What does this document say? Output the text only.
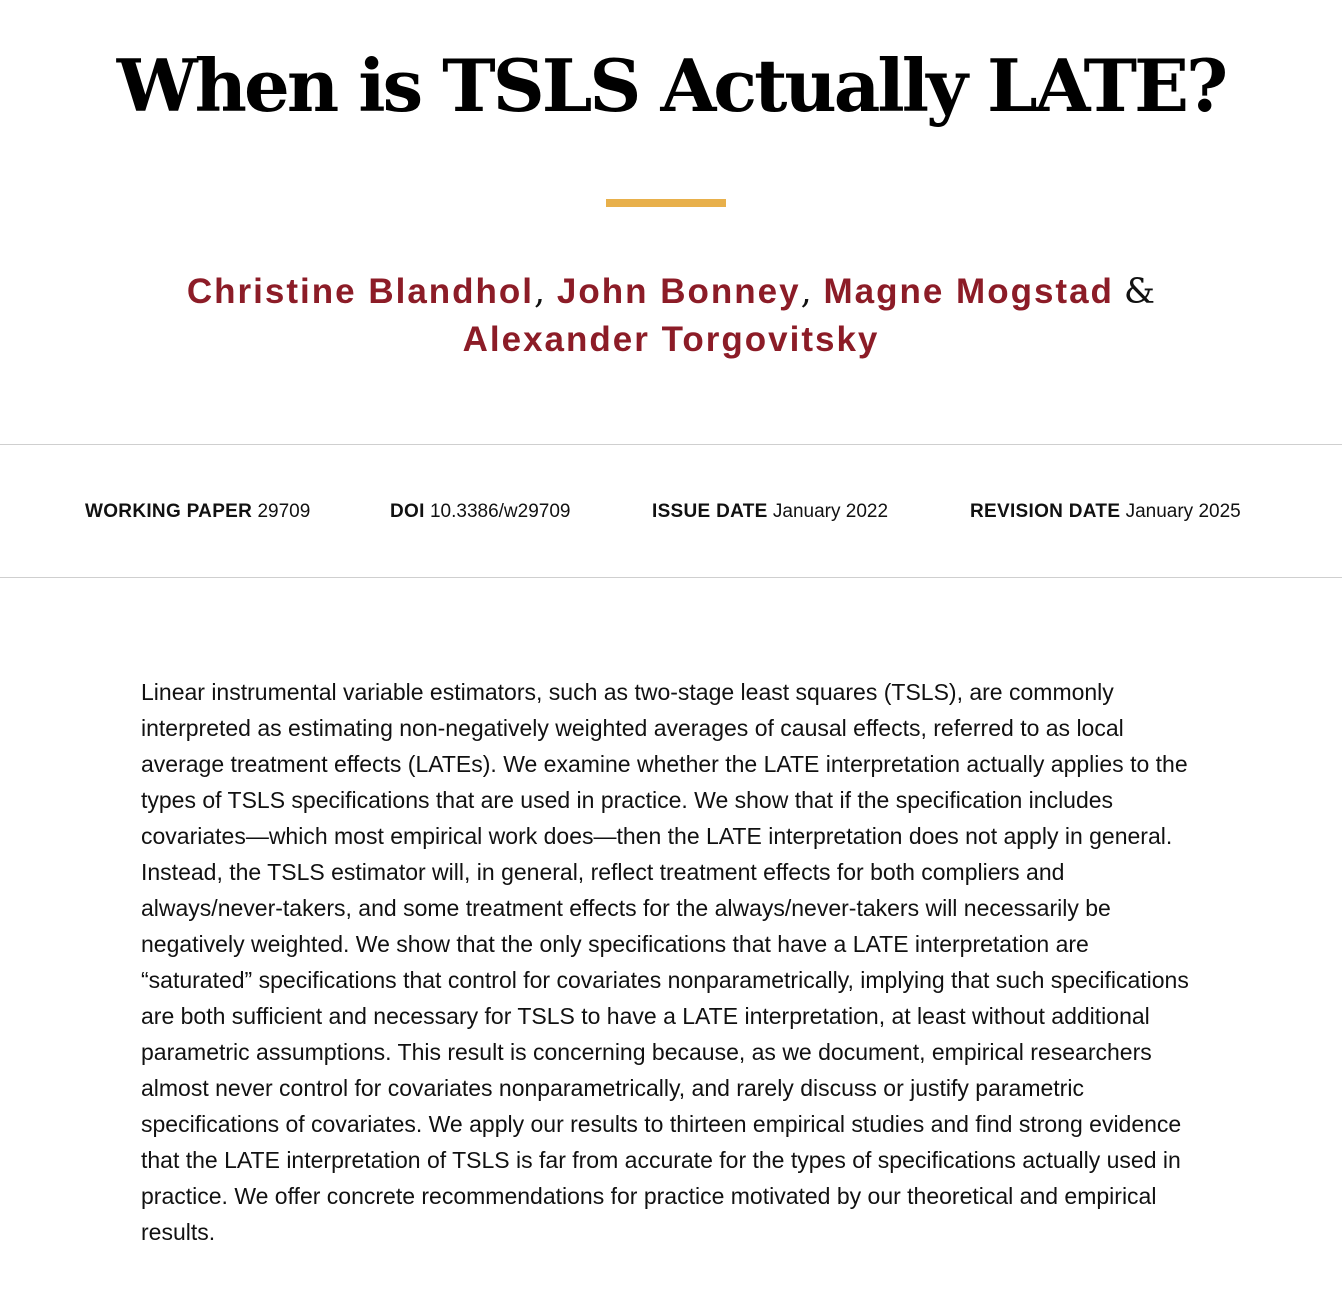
When is TSLS Actually LATE?
Christine Blandhol, John Bonney, Magne Mogstad &
Alexander Torgovitsky
WORKING PAPER 29709	DOI 10.3386/w29709	ISSUE DATE January 2022	REVISION DATE January 2025

Linear instrumental variable estimators, such as two-stage least squares (TSLS), are commonly interpreted as estimating non-negatively weighted averages of causal effects, referred to as local average treatment effects (LATEs). We examine whether the LATE interpretation actually applies to the types of TSLS specifications that are used in practice. We show that if the specification includes covariates—which most empirical work does—then the LATE interpretation does not apply in general. Instead, the TSLS estimator will, in general, reflect treatment effects for both compliers and always/never-takers, and some treatment effects for the always/never-takers will necessarily be negatively weighted. We show that the only specifications that have a LATE interpretation are “saturated” specifications that control for covariates nonparametrically, implying that such specifications are both sufficient and necessary for TSLS to have a LATE interpretation, at least without additional parametric assumptions. This result is concerning because, as we document, empirical researchers almost never control for covariates nonparametrically, and rarely discuss or justify parametric specifications of covariates. We apply our results to thirteen empirical studies and find strong evidence that the LATE interpretation of TSLS is far from accurate for the types of specifications actually used in practice. We offer concrete recommendations for practice motivated by our theoretical and empirical results.
